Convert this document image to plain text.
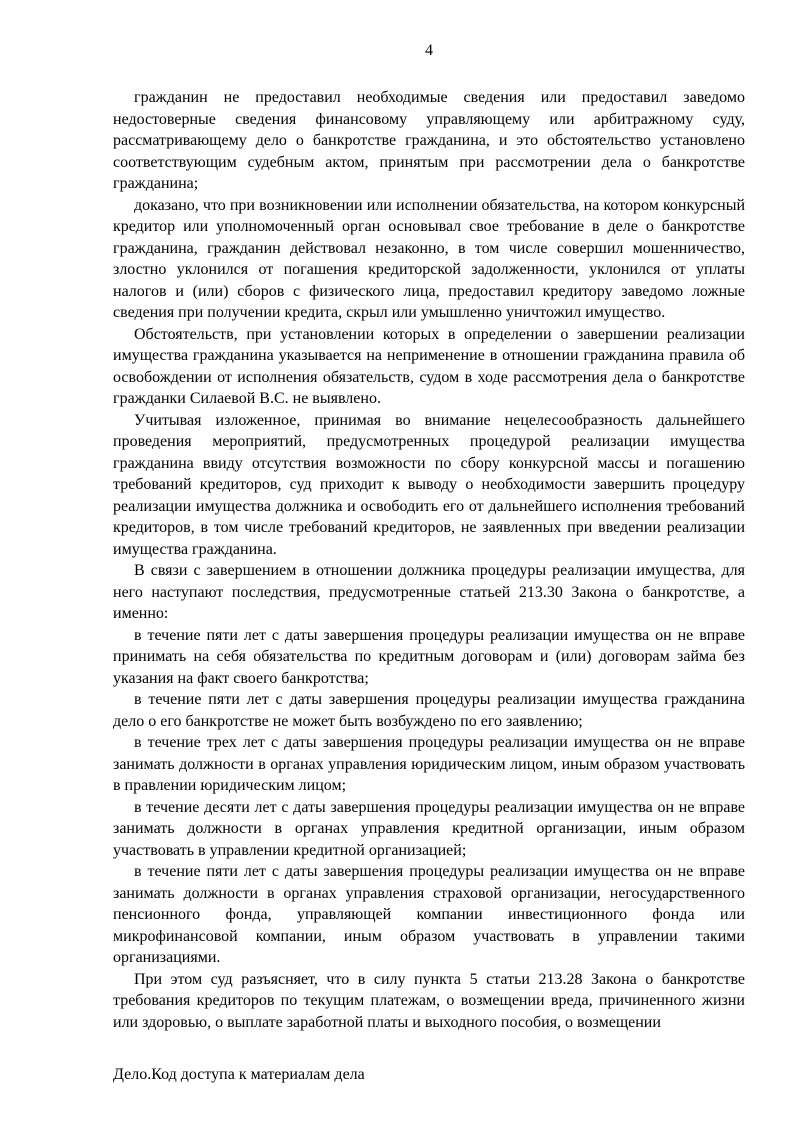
4

гражданин не предоставил необходимые сведения или предоставил заведомо недостоверные сведения финансовому управляющему или арбитражному суду, рассматривающему дело о банкротстве гражданина, и это обстоятельство установлено соответствующим судебным актом, принятым при рассмотрении дела о банкротстве гражданина;

доказано, что при возникновении или исполнении обязательства, на котором конкурсный кредитор или уполномоченный орган основывал свое требование в деле о банкротстве гражданина, гражданин действовал незаконно, в том числе совершил мошенничество, злостно уклонился от погашения кредиторской задолженности, уклонился от уплаты налогов и (или) сборов с физического лица, предоставил кредитору заведомо ложные сведения при получении кредита, скрыл или умышленно уничтожил имущество.

Обстоятельств, при установлении которых в определении о завершении реализации имущества гражданина указывается на неприменение в отношении гражданина правила об освобождении от исполнения обязательств, судом в ходе рассмотрения дела о банкротстве гражданки Силаевой В.С. не выявлено.

Учитывая изложенное, принимая во внимание нецелесообразность дальнейшего проведения мероприятий, предусмотренных процедурой реализации имущества гражданина ввиду отсутствия возможности по сбору конкурсной массы и погашению требований кредиторов, суд приходит к выводу о необходимости завершить процедуру реализации имущества должника и освободить его от дальнейшего исполнения требований кредиторов, в том числе требований кредиторов, не заявленных при введении реализации имущества гражданина.

В связи с завершением в отношении должника процедуры реализации имущества, для него наступают последствия, предусмотренные статьей 213.30 Закона о банкротстве, а именно:

в течение пяти лет с даты завершения процедуры реализации имущества он не вправе принимать на себя обязательства по кредитным договорам и (или) договорам займа без указания на факт своего банкротства;

в течение пяти лет с даты завершения процедуры реализации имущества гражданина дело о его банкротстве не может быть возбуждено по его заявлению;

в течение трех лет с даты завершения процедуры реализации имущества он не вправе занимать должности в органах управления юридическим лицом, иным образом участвовать в правлении юридическим лицом;

в течение десяти лет с даты завершения процедуры реализации имущества он не вправе занимать должности в органах управления кредитной организации, иным образом участвовать в управлении кредитной организацией;

в течение пяти лет с даты завершения процедуры реализации имущества он не вправе занимать должности в органах управления страховой организации, негосударственного пенсионного фонда, управляющей компании инвестиционного фонда или микрофинансовой компании, иным образом участвовать в управлении такими организациями.

При этом суд разъясняет, что в силу пункта 5 статьи 213.28 Закона о банкротстве требования кредиторов по текущим платежам, о возмещении вреда, причиненного жизни или здоровью, о выплате заработной платы и выходного пособия, о возмещении

Дело.Код доступа к материалам дела
